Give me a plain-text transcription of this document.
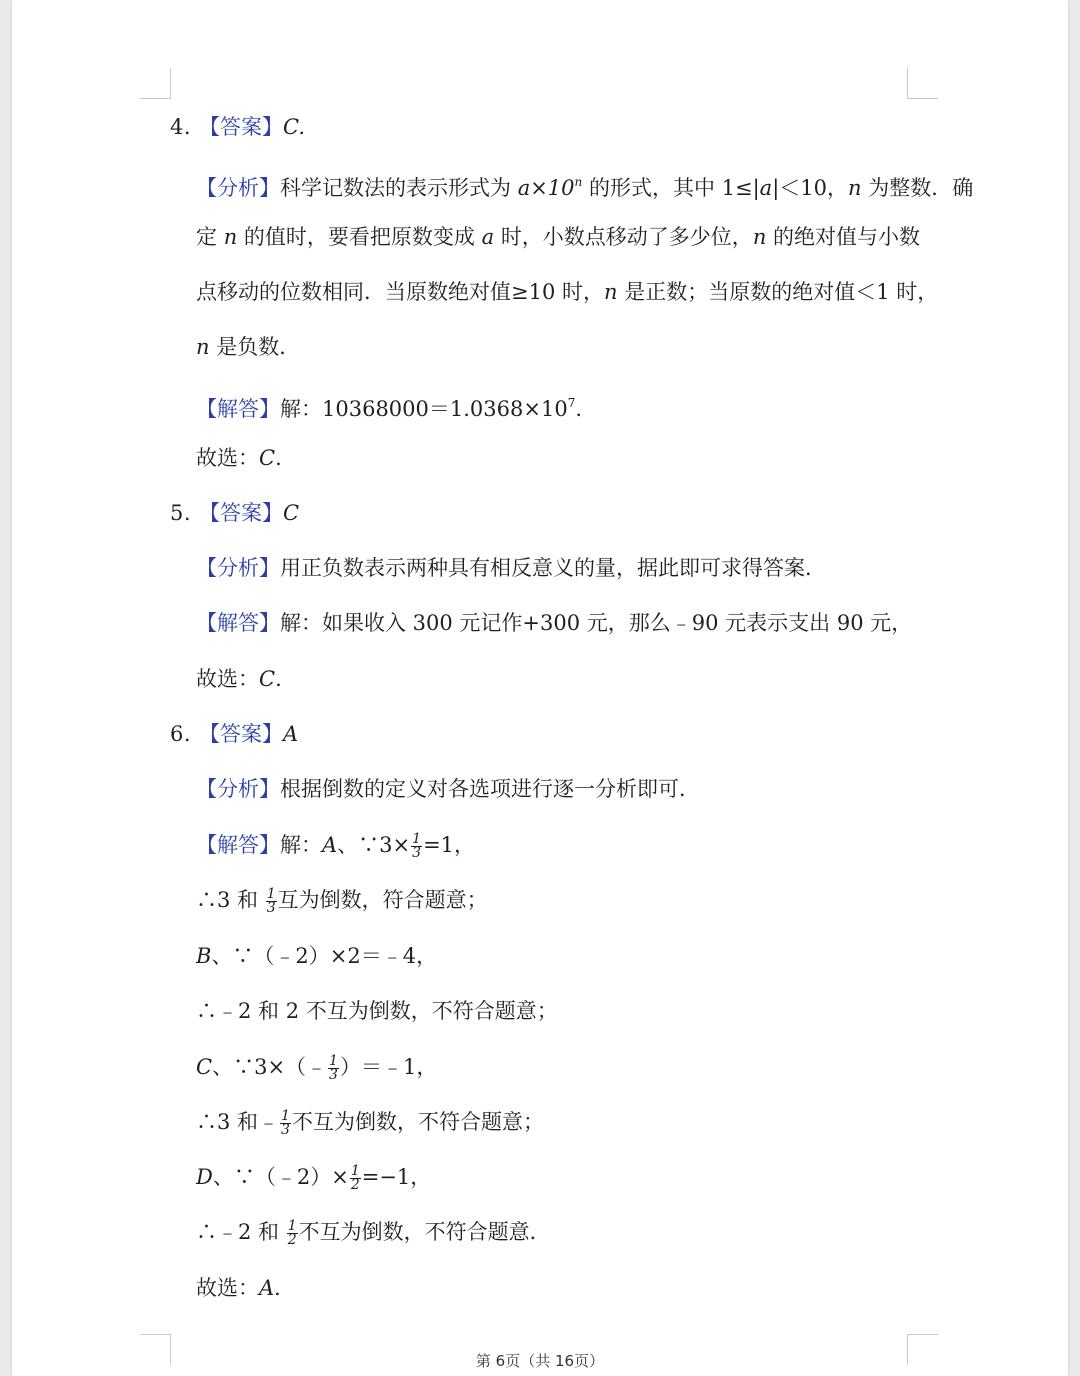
4. 【答案】C.
【分析】科学记数法的表示形式为 $a\times 10^n$ 的形式，其中 1≤|a|＜10，n 为整数．确
定 n 的值时，要看把原数变成 a 时，小数点移动了多少位，n 的绝对值与小数
点移动的位数相同．当原数绝对值≥10 时，n 是正数；当原数的绝对值＜1 时，
n 是负数．
【解答】解：$10368000=1.0368\times 10^7$.
故选：C.
5. 【答案】C
【分析】用正负数表示两种具有相反意义的量，据此即可求得答案．
【解答】解：如果收入 300 元记作+300 元，那么﹣90 元表示支出 90 元，
故选：C.
6. 【答案】A
【分析】根据倒数的定义对各选项进行逐一分析即可．
【解答】解：A、∵3× $\frac{1}{3} =1$，
∴3 和 $\frac{1}{3}$ 互为倒数，符合题意；
B、∵（﹣2）×2＝﹣4，
∴﹣2 和 2 不互为倒数，不符合题意；
C、∵3×（﹣ $\frac{1}{3}$ ）＝﹣1，
∴3 和﹣ $\frac{1}{3}$ 不互为倒数，不符合题意；
D、∵（﹣2）× $\frac{1}{2} =-1$，
∴﹣2 和 $\frac{1}{2}$ 不互为倒数，不符合题意．
故选：A．
第 6页（共 16页）
